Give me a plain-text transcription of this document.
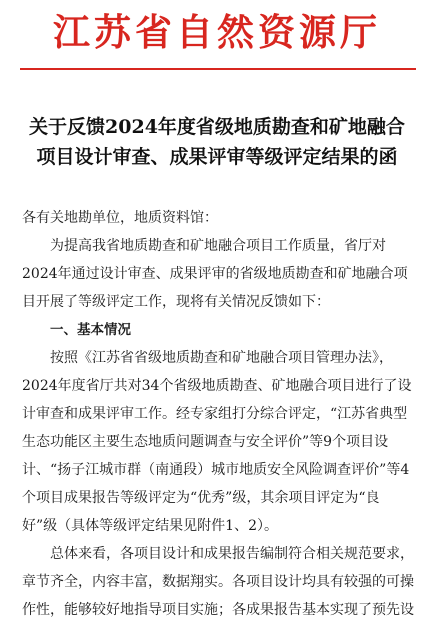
江苏省自然资源厅
关于反馈2024年度省级地质勘查和矿地融合
项目设计审查、成果评审等级评定结果的函

各有关地勘单位，地质资料馆：

为提高我省地质勘查和矿地融合项目工作质量，省厅对2024年通过设计审查、成果评审的省级地质勘查和矿地融合项目开展了等级评定工作，现将有关情况反馈如下：

一、基本情况

按照《江苏省省级地质勘查和矿地融合项目管理办法》，2024年度省厅共对34个省级地质勘查、矿地融合项目进行了设计审查和成果评审工作。经专家组打分综合评定，“江苏省典型生态功能区主要生态地质问题调查与安全评价”等9个项目设计、“扬子江城市群（南通段）城市地质安全风险调查评价”等4个项目成果报告等级评定为“优秀”级，其余项目评定为“良好”级（具体等级评定结果见附件1、2）。

总体来看，各项目设计和成果报告编制符合相关规范要求，章节齐全，内容丰富，数据翔实。各项目设计均具有较强的可操作性，能够较好地指导项目实施；各成果报告基本实现了预先设
